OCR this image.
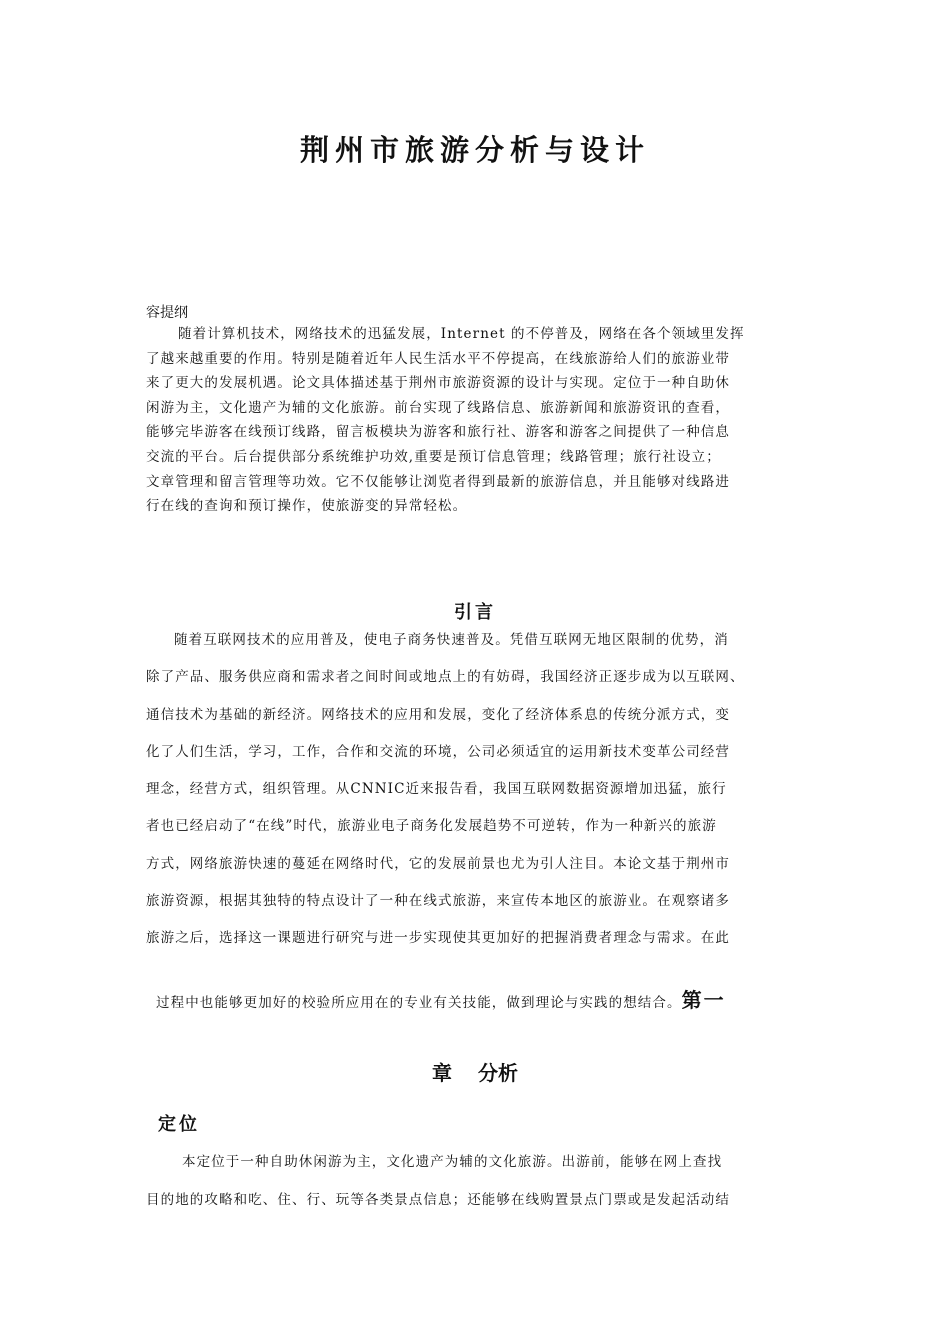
荆州市旅游分析与设计
容提纲
随着计算机技术，网络技术的迅猛发展，Internet 的不停普及，网络在各个领域里发挥
了越来越重要的作用。特别是随着近年人民生活水平不停提高，在线旅游给人们的旅游业带
来了更大的发展机遇。论文具体描述基于荆州市旅游资源的设计与实现。定位于一种自助休
闲游为主，文化遗产为辅的文化旅游。前台实现了线路信息、旅游新闻和旅游资讯的查看，
能够完毕游客在线预订线路，留言板模块为游客和旅行社、游客和游客之间提供了一种信息
交流的平台。后台提供部分系统维护功效,重要是预订信息管理；线路管理；旅行社设立；
文章管理和留言管理等功效。它不仅能够让浏览者得到最新的旅游信息，并且能够对线路进
行在线的查询和预订操作，使旅游变的异常轻松。
引言
随着互联网技术的应用普及，使电子商务快速普及。凭借互联网无地区限制的优势，消
除了产品、服务供应商和需求者之间时间或地点上的有妨碍，我国经济正逐步成为以互联网、
通信技术为基础的新经济。网络技术的应用和发展，变化了经济体系息的传统分派方式，变
化了人们生活，学习，工作，合作和交流的环境，公司必须适宜的运用新技术变革公司经营
理念，经营方式，组织管理。从CNNIC近来报告看，我国互联网数据资源增加迅猛，旅行
者也已经启动了“在线”时代，旅游业电子商务化发展趋势不可逆转，作为一种新兴的旅游
方式，网络旅游快速的蔓延在网络时代，它的发展前景也尤为引人注目。本论文基于荆州市
旅游资源，根据其独特的特点设计了一种在线式旅游，来宣传本地区的旅游业。在观察诸多
旅游之后，选择这一课题进行研究与进一步实现使其更加好的把握消费者理念与需求。在此
过程中也能够更加好的校验所应用在的专业有关技能，做到理论与实践的想结合。第一
章 分析
定位
本定位于一种自助休闲游为主，文化遗产为辅的文化旅游。出游前，能够在网上查找
目的地的攻略和吃、住、行、玩等各类景点信息；还能够在线购置景点门票或是发起活动结
